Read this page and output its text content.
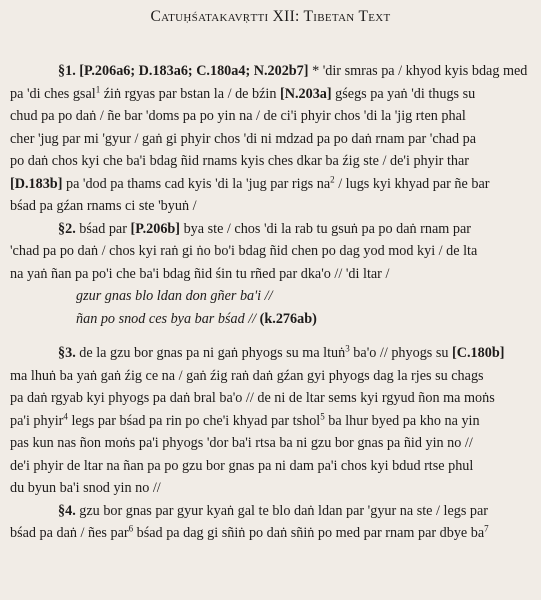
Catuḥśatakavṛtti XII: Tibetan Text
§1. [P.206a6; D.183a6; C.180a4; N.202b7] * 'dir smras pa / khyod kyis bdag med
pa 'di ches gsal$^1$ źiṅ rgyas par bstan la / de bźin [N.203a] gśegs pa yaṅ 'di thugs su
chud pa po daṅ / ñe bar 'doms pa po yin na / de ci'i phyir chos 'di la 'jig rten phal
cher 'jug par mi 'gyur / gaṅ gi phyir chos 'di ni mdzad pa po daṅ rnam par 'chad pa
po daṅ chos kyi che ba'i bdag ñid rnams kyis ches dkar ba źig ste / de'i phyir thar
[D.183b] pa 'dod pa thams cad kyis 'di la 'jug par rigs $na^2$ / lugs kyi khyad par ñe bar
bśad pa gźan rnams ci ste 'byuṅ /
§2. bśad par [P.206b] bya ste / chos 'di la rab tu gsuṅ pa po daṅ rnam par
'chad pa po daṅ / chos kyi raṅ gi ṅo bo'i bdag ñid chen po dag yod mod kyi / de lta
na yaṅ ñan pa po'i che ba'i bdag ñid śin tu rñed par dka'o // 'di ltar /
gzur gnas blo ldan don gñer ba'i //
ñan po snod ces bya bar bśad // (k.276ab)
§3. de la gzu bor gnas pa ni gaṅ phyogs su ma ltuṅ$^3$ ba'o // phyogs su [C.180b]
ma lhuṅ ba yaṅ gaṅ źig ce na / gaṅ źig raṅ daṅ gźan gyi phyogs dag la rjes su chags
pa daṅ rgyab kyi phyogs pa daṅ bral ba'o // de ni de ltar sems kyi rgyud ñon ma moṅs
pa'i phyir$^4$ legs par bśad pa rin po che'i khyad par tshol$^5$ ba lhur byed pa kho na yin
pas kun nas ñon moṅs pa'i phyogs 'dor ba'i rtsa ba ni gzu bor gnas pa ñid yin no //
de'i phyir de ltar na ñan pa po gzu bor gnas pa ni dam pa'i chos kyi bdud rtse phul
du byun ba'i snod yin no //
§4. gzu bor gnas par gyur kyaṅ gal te blo daṅ ldan par 'gyur na ste / legs par
bśad pa daṅ / ñes par$^6$ bśad pa dag gi sñiṅ po daṅ sñiṅ po med par rnam par dbye $ba^7$
